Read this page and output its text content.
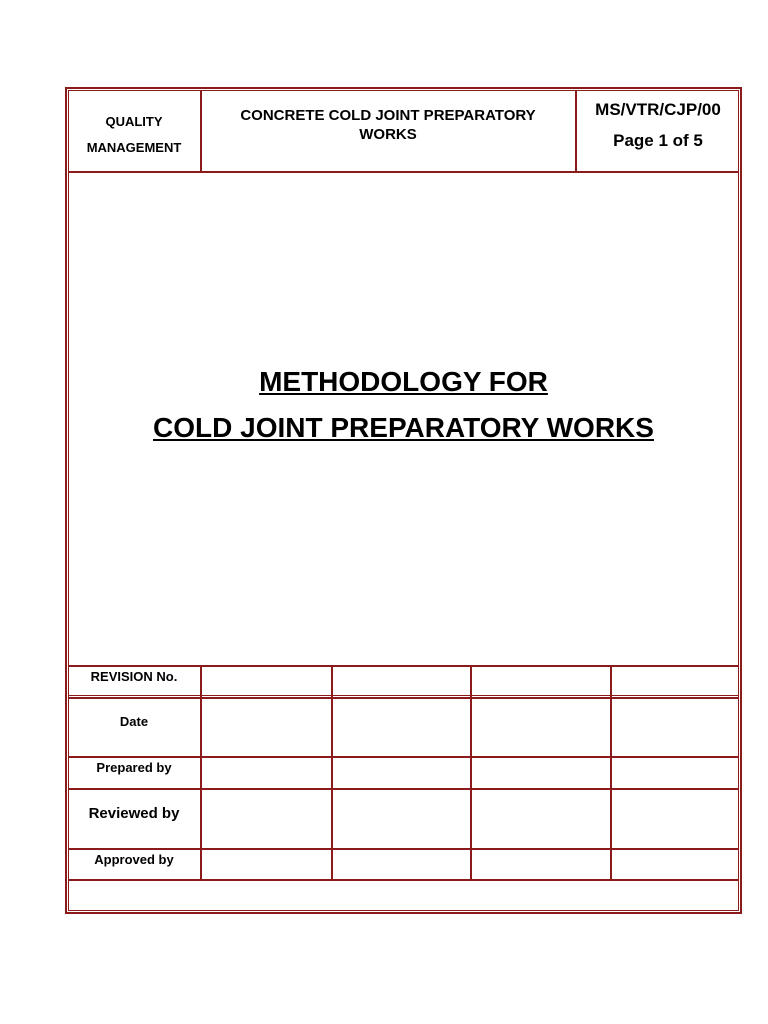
QUALITY
MANAGEMENT
CONCRETE COLD JOINT PREPARATORY WORKS
MS/VTR/CJP/00
Page 1 of 5
METHODOLOGY FOR
COLD JOINT PREPARATORY WORKS
REVISION No.
Date
Prepared by
Reviewed by
Approved by
